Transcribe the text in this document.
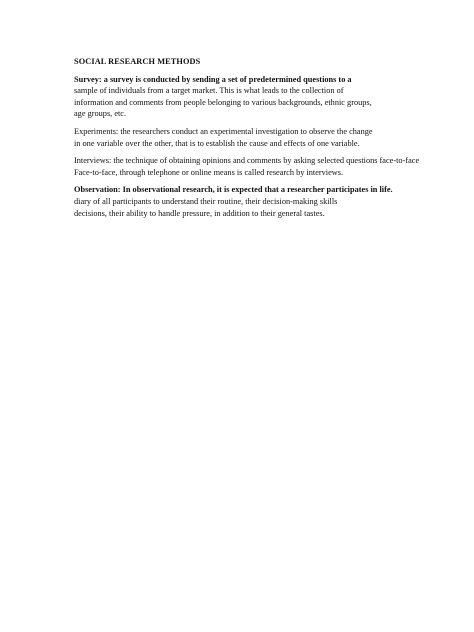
SOCIAL RESEARCH METHODS
Survey: a survey is conducted by sending a set of predetermined questions to a
sample of individuals from a target market. This is what leads to the collection of
information and comments from people belonging to various backgrounds, ethnic groups,
age groups, etc.
Experiments: the researchers conduct an experimental investigation to observe the change
in one variable over the other, that is to establish the cause and effects of one variable.
Interviews: the technique of obtaining opinions and comments by asking selected questions face-to-face
Face-to-face, through telephone or online means is called research by interviews.
Observation: In observational research, it is expected that a researcher participates in life.
diary of all participants to understand their routine, their decision-making skills
decisions, their ability to handle pressure, in addition to their general tastes.
